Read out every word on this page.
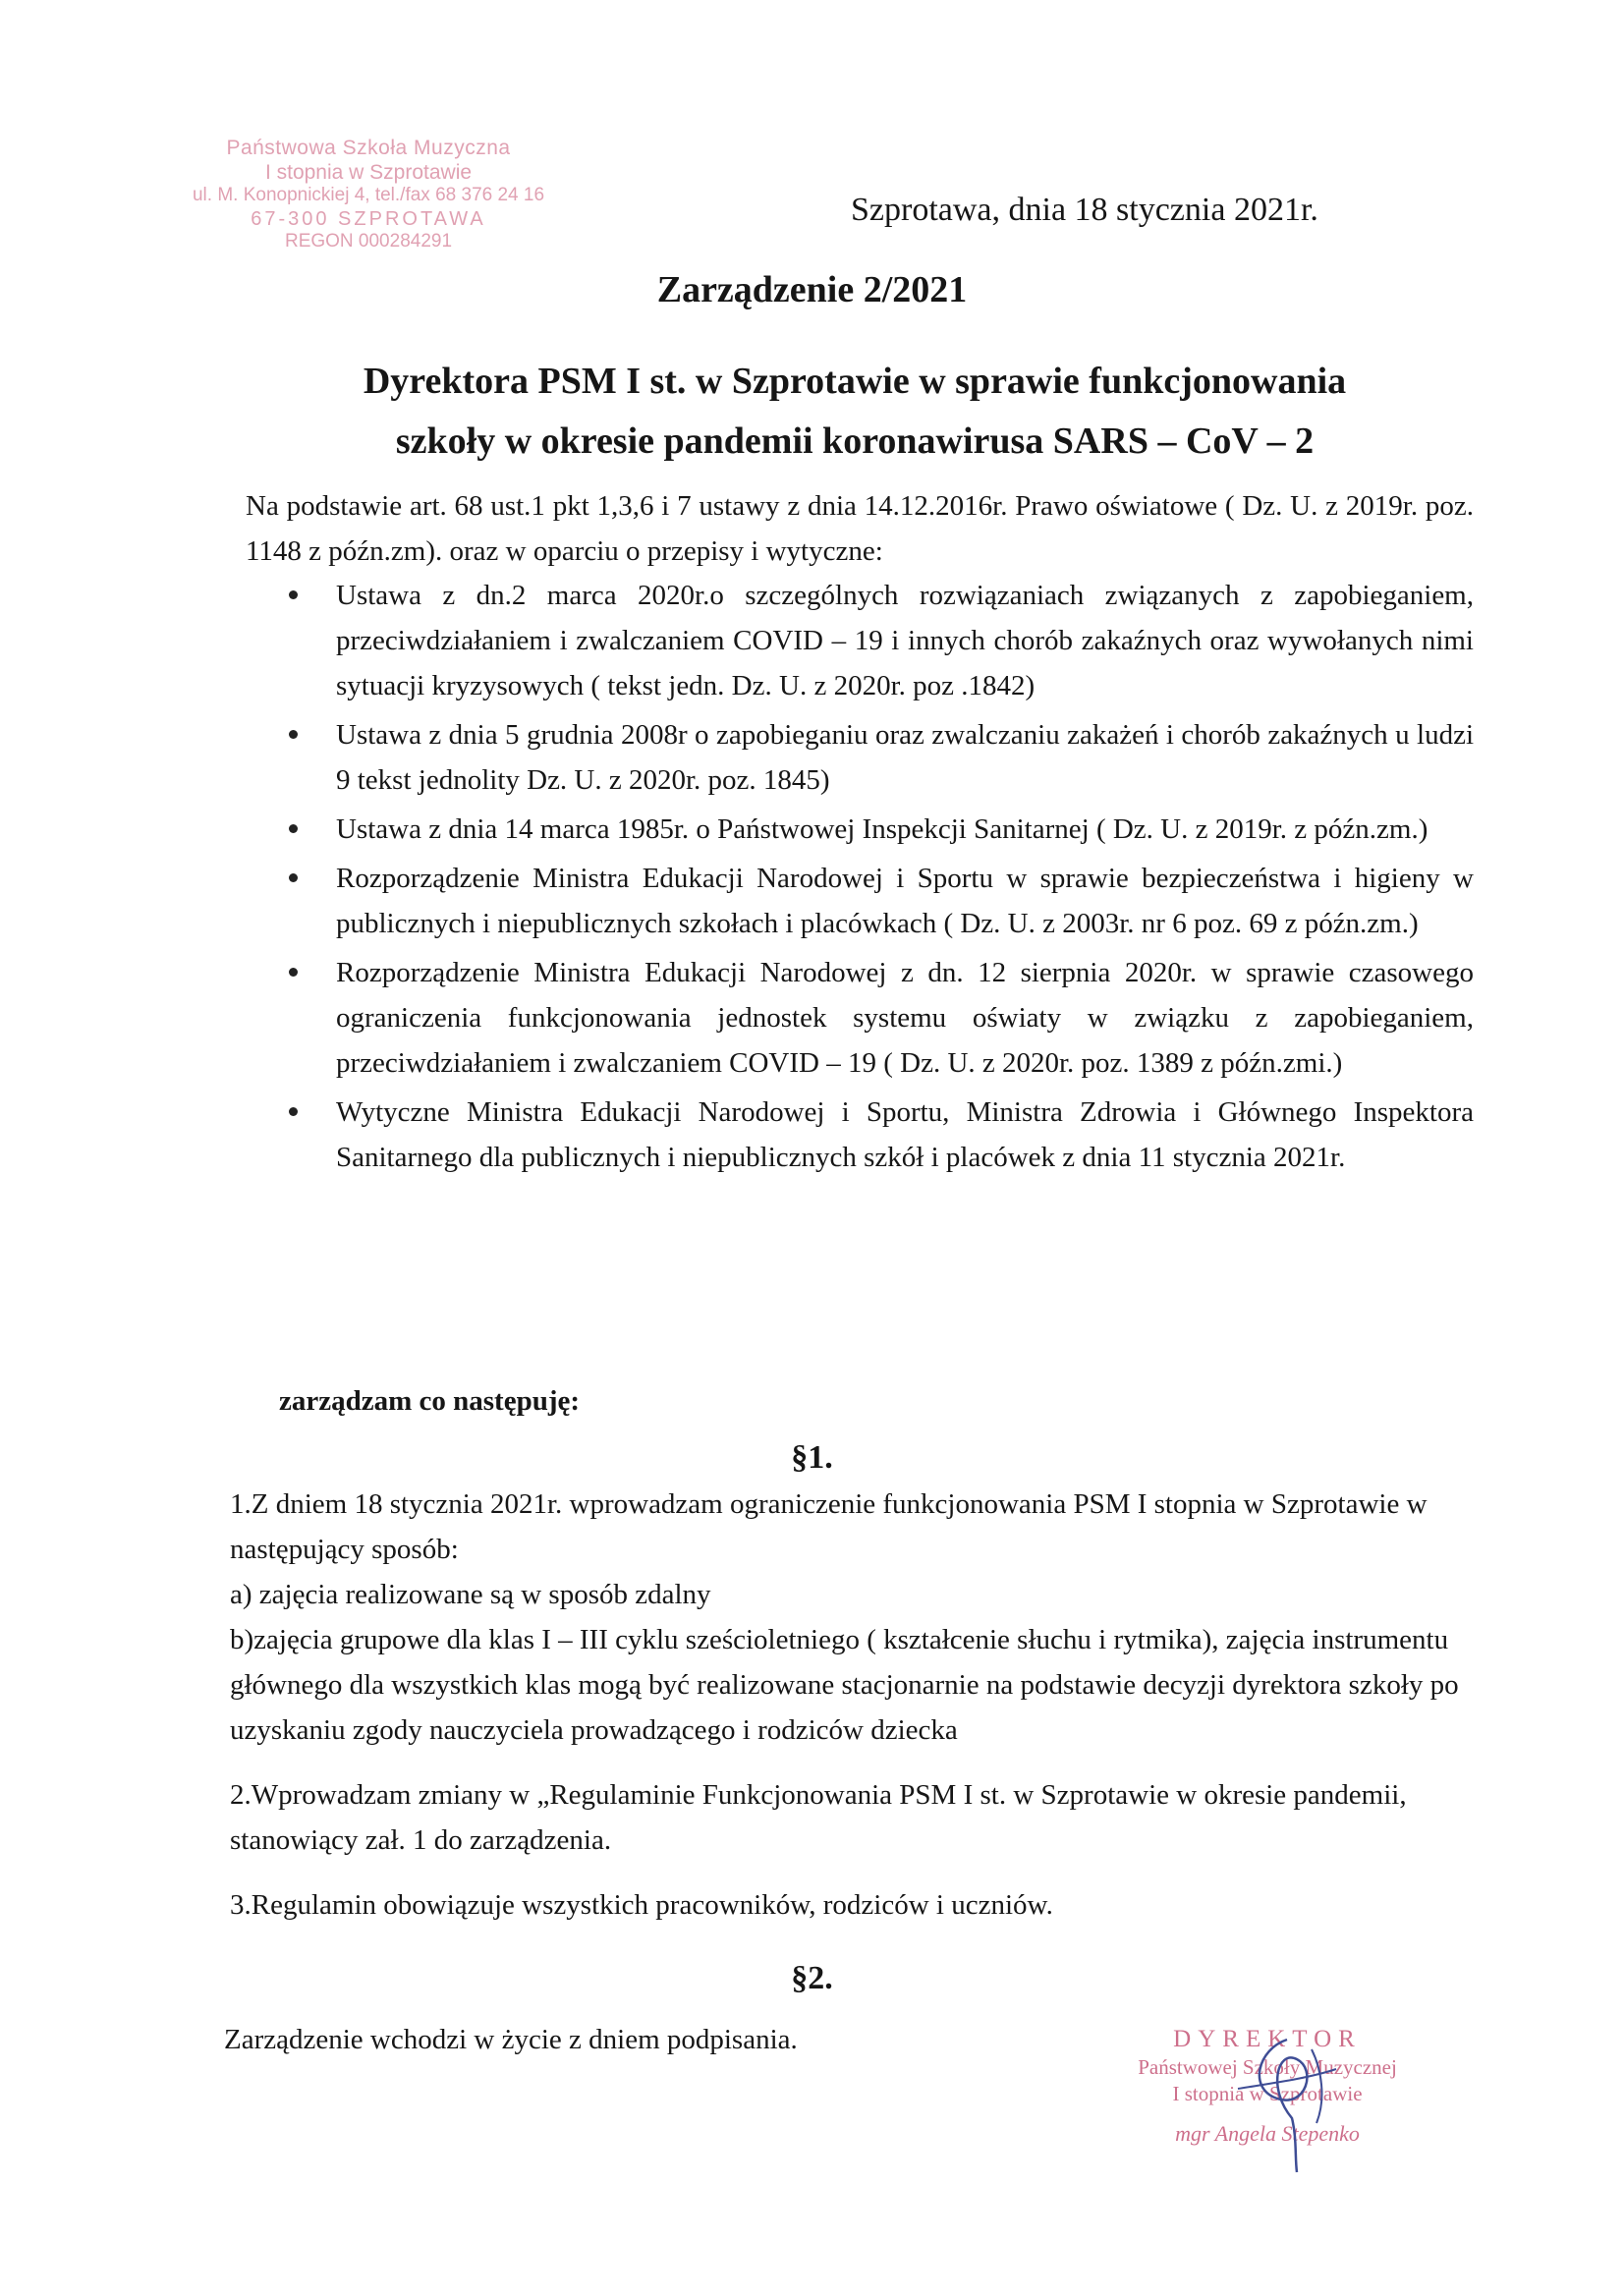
Państwowa Szkoła Muzyczna
I stopnia w Szprotawie
ul. M. Konopnickiej 4, tel./fax 68 376 24 16
67-300 SZPROTAWA
REGON 000284291
Szprotawa, dnia 18 stycznia 2021r.
Zarządzenie 2/2021
Dyrektora PSM I st. w Szprotawie w sprawie funkcjonowania
szkoły w okresie pandemii koronawirusa SARS – CoV – 2
Na podstawie art. 68 ust.1 pkt 1,3,6 i 7 ustawy z dnia 14.12.2016r. Prawo oświatowe ( Dz. U. z 2019r. poz. 1148 z późn.zm). oraz w oparciu o przepisy i wytyczne:
Ustawa z dn.2 marca 2020r.o szczególnych rozwiązaniach związanych z zapobieganiem, przeciwdziałaniem i zwalczaniem COVID – 19 i innych chorób zakaźnych oraz wywołanych nimi sytuacji kryzysowych ( tekst jedn. Dz. U. z 2020r. poz .1842)
Ustawa z dnia 5 grudnia 2008r o zapobieganiu oraz zwalczaniu zakażeń i chorób zakaźnych u ludzi 9 tekst jednolity Dz. U. z 2020r. poz. 1845)
Ustawa z dnia 14 marca 1985r. o Państwowej Inspekcji Sanitarnej ( Dz. U. z 2019r. z późn.zm.)
Rozporządzenie Ministra Edukacji Narodowej i Sportu w sprawie bezpieczeństwa i higieny w publicznych i niepublicznych szkołach i placówkach ( Dz. U. z 2003r. nr 6 poz. 69 z późn.zm.)
Rozporządzenie Ministra Edukacji Narodowej z dn. 12 sierpnia 2020r. w sprawie czasowego ograniczenia funkcjonowania jednostek systemu oświaty w związku z zapobieganiem, przeciwdziałaniem i zwalczaniem COVID – 19 ( Dz. U. z 2020r. poz. 1389 z późn.zmi.)
Wytyczne Ministra Edukacji Narodowej i Sportu, Ministra Zdrowia i Głównego Inspektora Sanitarnego dla publicznych i niepublicznych szkół i placówek z dnia 11 stycznia 2021r.
zarządzam co następuję:
§1.

1.Z dniem 18 stycznia 2021r. wprowadzam ograniczenie funkcjonowania PSM I stopnia w Szprotawie w następujący sposób:

a) zajęcia realizowane są w sposób zdalny

b)zajęcia grupowe dla klas I – III cyklu sześcioletniego ( kształcenie słuchu i rytmika), zajęcia instrumentu głównego dla wszystkich klas mogą być realizowane stacjonarnie na podstawie decyzji dyrektora szkoły po uzyskaniu zgody nauczyciela prowadzącego i rodziców dziecka

2.Wprowadzam zmiany w „Regulaminie Funkcjonowania PSM I st. w Szprotawie w okresie pandemii, stanowiący zał. 1 do zarządzenia.

3.Regulamin obowiązuje wszystkich pracowników, rodziców i uczniów.

§2.
Zarządzenie wchodzi w życie z dniem podpisania.	DYREKTOR
Państwowej Szkoły Muzycznej
I stopnia w Szprotawie
mgr Angela Stepenko
